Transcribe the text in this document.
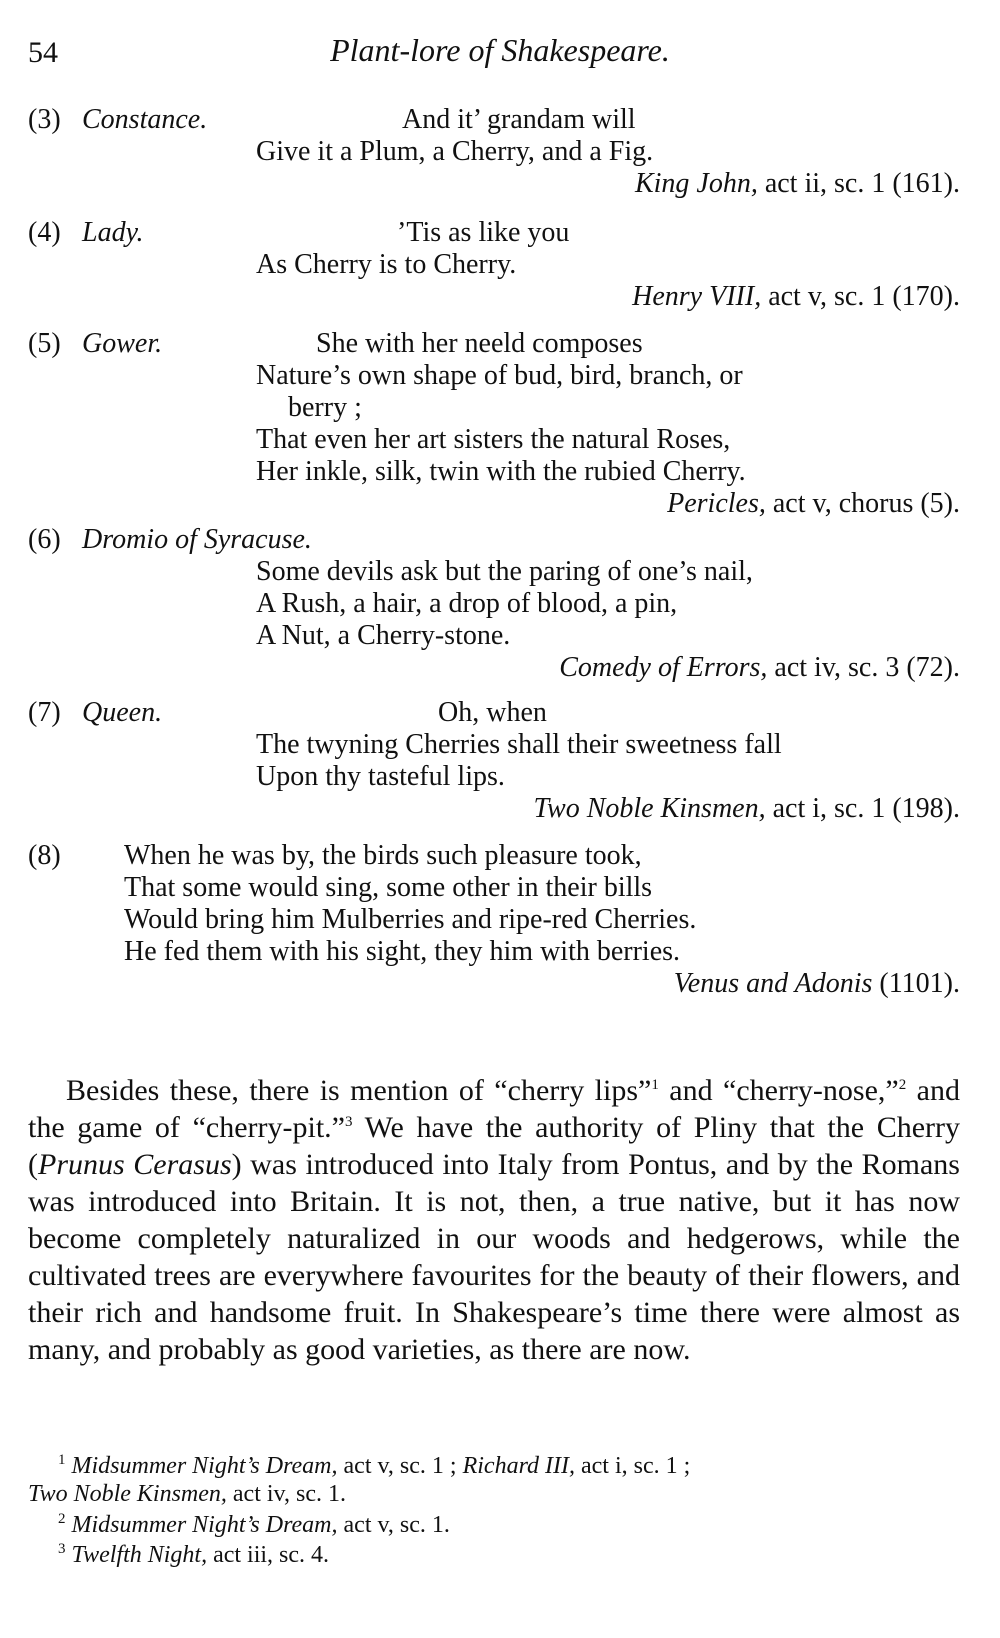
54	Plant-lore of Shakespeare.
(3) Constance.	And it’ grandam will
Give it a Plum, a Cherry, and a Fig.
King John, act ii, sc. 1 (161).
(4) Lady.	’Tis as like you
As Cherry is to Cherry.
Henry VIII, act v, sc. 1 (170).
(5) Gower.	She with her neeld composes
Nature’s own shape of bud, bird, branch, or
berry ;
That even her art sisters the natural Roses,
Her inkle, silk, twin with the rubied Cherry.
Pericles, act v, chorus (5).
(6) Dromio of Syracuse.
Some devils ask but the paring of one’s nail,
A Rush, a hair, a drop of blood, a pin,
A Nut, a Cherry-stone.
Comedy of Errors, act iv, sc. 3 (72).
(7) Queen.	Oh, when
The twyning Cherries shall their sweetness fall
Upon thy tasteful lips.
Two Noble Kinsmen, act i, sc. 1 (198).
(8) When he was by, the birds such pleasure took,
That some would sing, some other in their bills
Would bring him Mulberries and ripe-red Cherries.
He fed them with his sight, they him with berries.
Venus and Adonis (1101).

Besides these, there is mention of “cherry lips”$^1$ and “cherry-nose,”$^2$ and the game of “cherry-pit.”$^3$ We have the authority of Pliny that the Cherry (Prunus Cerasus) was introduced into Italy from Pontus, and by the Romans was introduced into Britain. It is not, then, a true native, but it has now become completely naturalized in our woods and hedgerows, while the cultivated trees are everywhere favourites for the beauty of their flowers, and their rich and handsome fruit. In Shakespeare’s time there were almost as many, and probably as good varieties, as there are now.

$^1$ Midsummer Night’s Dream, act v, sc. 1 ; Richard III, act i, sc. 1 ;
Two Noble Kinsmen, act iv, sc. 1.
$^2$ Midsummer Night’s Dream, act v, sc. 1.
$^3$ Twelfth Night, act iii, sc. 4.
